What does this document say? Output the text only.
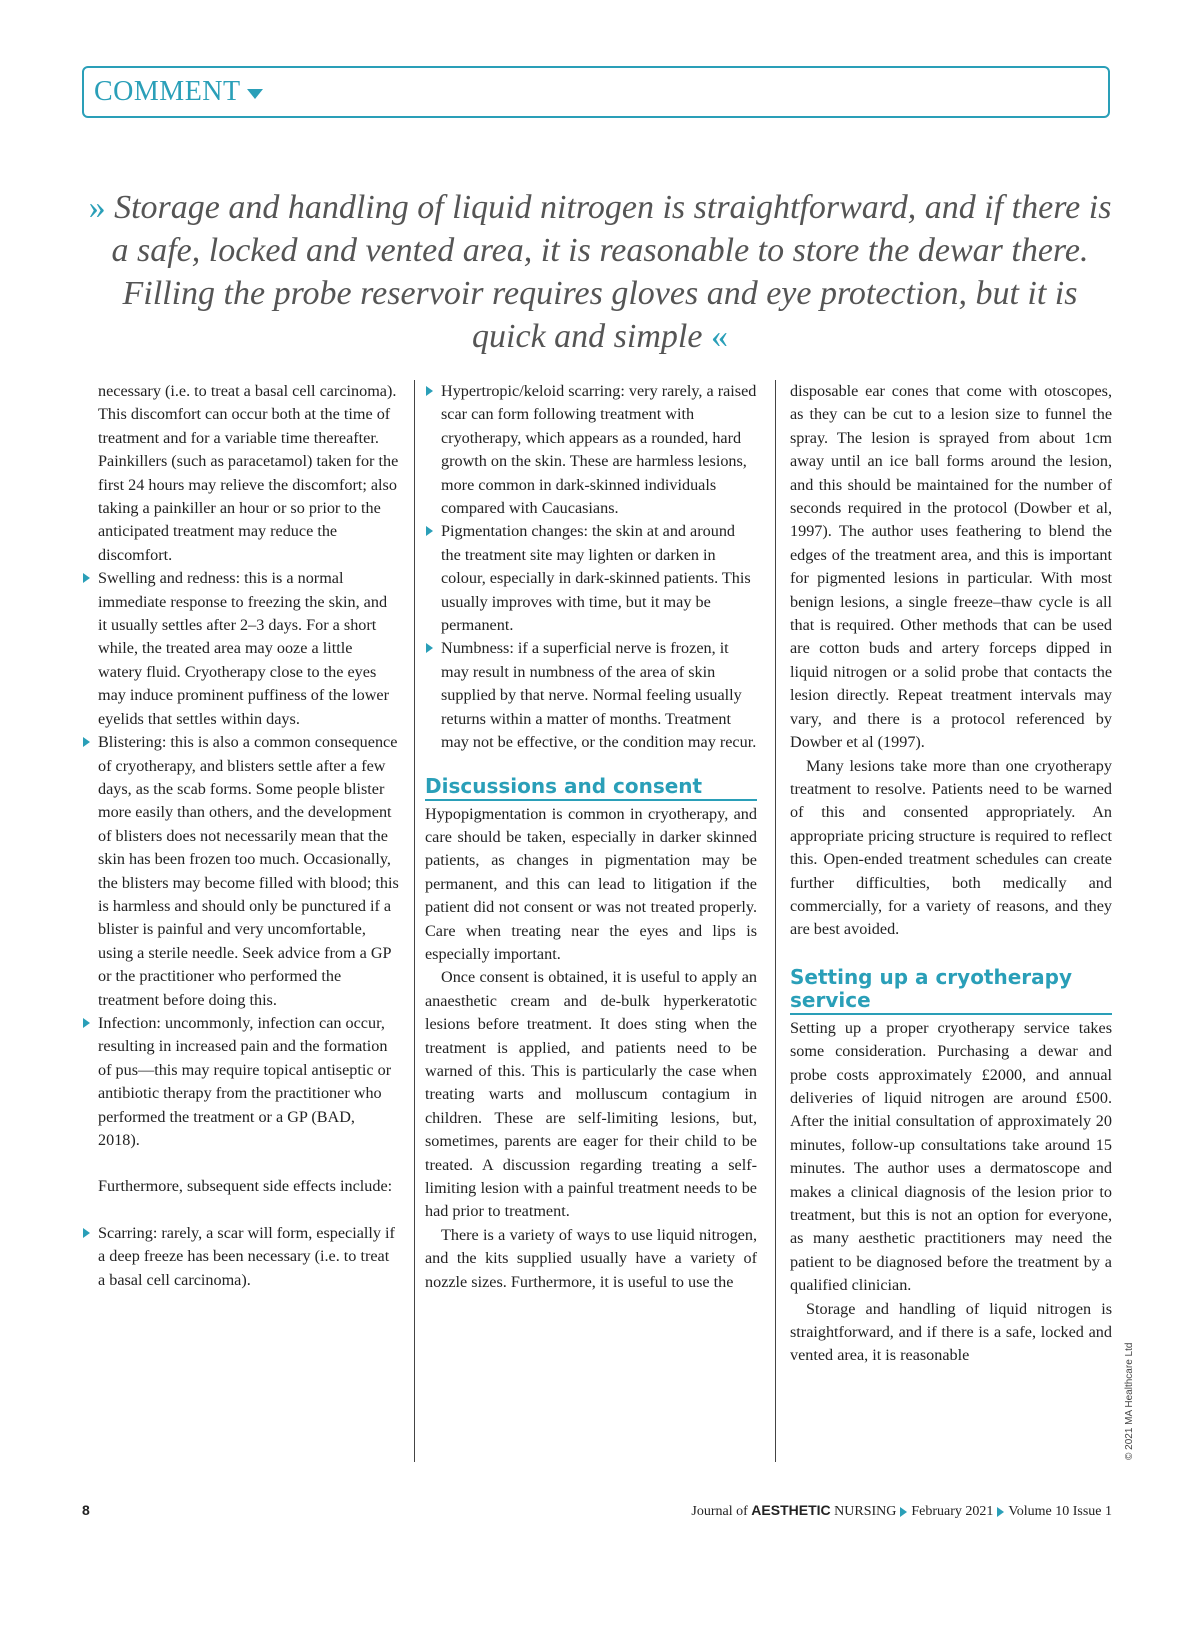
COMMENT
» Storage and handling of liquid nitrogen is straightforward, and if there is a safe, locked and vented area, it is reasonable to store the dewar there. Filling the probe reservoir requires gloves and eye protection, but it is quick and simple «

necessary (i.e. to treat a basal cell carcinoma). This discomfort can occur both at the time of treatment and for a variable time thereafter. Painkillers (such as paracetamol) taken for the first 24 hours may relieve the discomfort; also taking a painkiller an hour or so prior to the anticipated treatment may reduce the discomfort.

Swelling and redness: this is a normal immediate response to freezing the skin, and it usually settles after 2–3 days. For a short while, the treated area may ooze a little watery fluid. Cryotherapy close to the eyes may induce prominent puffiness of the lower eyelids that settles within days.
Blistering: this is also a common consequence of cryotherapy, and blisters settle after a few days, as the scab forms. Some people blister more easily than others, and the development of blisters does not necessarily mean that the skin has been frozen too much. Occasionally, the blisters may become filled with blood; this is harmless and should only be punctured if a blister is painful and very uncomfortable, using a sterile needle. Seek advice from a GP or the practitioner who performed the treatment before doing this.
Infection: uncommonly, infection can occur, resulting in increased pain and the formation of pus—this may require topical antiseptic or antibiotic therapy from the practitioner who performed the treatment or a GP (BAD, 2018).

Furthermore, subsequent side effects include:

Scarring: rarely, a scar will form, especially if a deep freeze has been necessary (i.e. to treat a basal cell carcinoma).
Hypertropic/keloid scarring: very rarely, a raised scar can form following treatment with cryotherapy, which appears as a rounded, hard growth on the skin. These are harmless lesions, more common in dark-skinned individuals compared with Caucasians.
Pigmentation changes: the skin at and around the treatment site may lighten or darken in colour, especially in dark-skinned patients. This usually improves with time, but it may be permanent.
Numbness: if a superficial nerve is frozen, it may result in numbness of the area of skin supplied by that nerve. Normal feeling usually returns within a matter of months. Treatment may not be effective, or the condition may recur.
Discussions and consent

Hypopigmentation is common in cryotherapy, and care should be taken, especially in darker skinned patients, as changes in pigmentation may be permanent, and this can lead to litigation if the patient did not consent or was not treated properly. Care when treating near the eyes and lips is especially important.

Once consent is obtained, it is useful to apply an anaesthetic cream and de-bulk hyperkeratotic lesions before treatment. It does sting when the treatment is applied, and patients need to be warned of this. This is particularly the case when treating warts and molluscum contagium in children. These are self-limiting lesions, but, sometimes, parents are eager for their child to be treated. A discussion regarding treating a self-limiting lesion with a painful treatment needs to be had prior to treatment.

There is a variety of ways to use liquid nitrogen, and the kits supplied usually have a variety of nozzle sizes. Furthermore, it is useful to use the

disposable ear cones that come with otoscopes, as they can be cut to a lesion size to funnel the spray. The lesion is sprayed from about 1cm away until an ice ball forms around the lesion, and this should be maintained for the number of seconds required in the protocol (Dowber et al, 1997). The author uses feathering to blend the edges of the treatment area, and this is important for pigmented lesions in particular. With most benign lesions, a single freeze–thaw cycle is all that is required. Other methods that can be used are cotton buds and artery forceps dipped in liquid nitrogen or a solid probe that contacts the lesion directly. Repeat treatment intervals may vary, and there is a protocol referenced by Dowber et al (1997).

Many lesions take more than one cryotherapy treatment to resolve. Patients need to be warned of this and consented appropriately. An appropriate pricing structure is required to reflect this. Open-ended treatment schedules can create further difficulties, both medically and commercially, for a variety of reasons, and they are best avoided.

Setting up a cryotherapy service

Setting up a proper cryotherapy service takes some consideration. Purchasing a dewar and probe costs approximately £2000, and annual deliveries of liquid nitrogen are around £500. After the initial consultation of approximately 20 minutes, follow-up consultations take around 15 minutes. The author uses a dermatoscope and makes a clinical diagnosis of the lesion prior to treatment, but this is not an option for everyone, as many aesthetic practitioners may need the patient to be diagnosed before the treatment by a qualified clinician.

Storage and handling of liquid nitrogen is straightforward, and if there is a safe, locked and vented area, it is reasonable

8	Journal of AESTHETIC NURSING February 2021 Volume 10 Issue 1
© 2021 MA Healthcare Ltd
